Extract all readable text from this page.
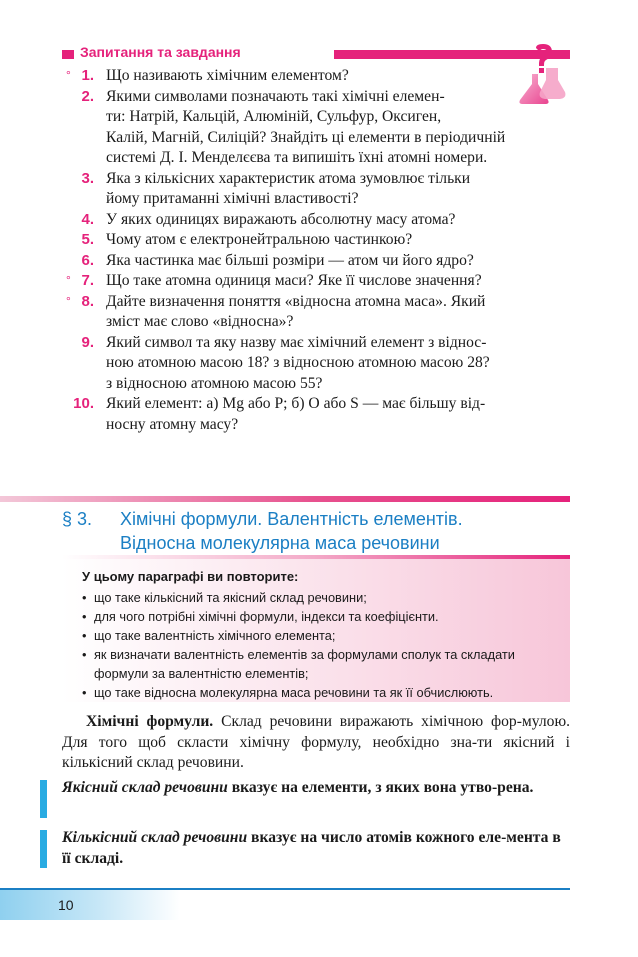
Запитання та завдання
° 1. Що називають хімічним елементом?
2. Якими символами позначають такі хімічні елемен-
ти: Натрій, Кальцій, Алюміній, Сульфур, Оксиген,
Калій, Магній, Силіцій? Знайдіть ці елементи в періодичній
системі Д. І. Менделєєва та випишіть їхні атомні номери.
3. Яка з кількісних характеристик атома зумовлює тільки
йому притаманні хімічні властивості?
4. У яких одиницях виражають абсолютну масу атома?
5. Чому атом є електронейтральною частинкою?
6. Яка частинка має більші розміри — атом чи його ядро?
° 7. Що таке атомна одиниця маси? Яке її числове значення?
° 8. Дайте визначення поняття «відносна атомна маса». Який
зміст має слово «відносна»?
9. Який символ та яку назву має хімічний елемент з віднос-
ною атомною масою 18? з відносною атомною масою 28?
з відносною атомною масою 55?
10. Який елемент: а) Mg або P; б) O або S — має більшу від-
носну атомну масу?
§ 3. Хімічні формули. Валентність елементів.
Відносна молекулярна маса речовини
У цьому параграфі ви повторите:
• що таке кількісний та якісний склад речовини;
• для чого потрібні хімічні формули, індекси та коефіцієнти.
• що таке валентність хімічного елемента;
• як визначати валентність елементів за формулами сполук та складати
формули за валентністю елементів;
• що таке відносна молекулярна маса речовини та як її обчислюють.
Хімічні формули. Склад речовини виражають хімічною фор-мулою. Для того щоб скласти хімічну формулу, необхідно зна-ти якісний і кількісний склад речовини.
Якісний склад речовини вказує на елементи, з яких вона утво-рена.
Кількісний склад речовини вказує на число атомів кожного еле-мента в її складі.
10
